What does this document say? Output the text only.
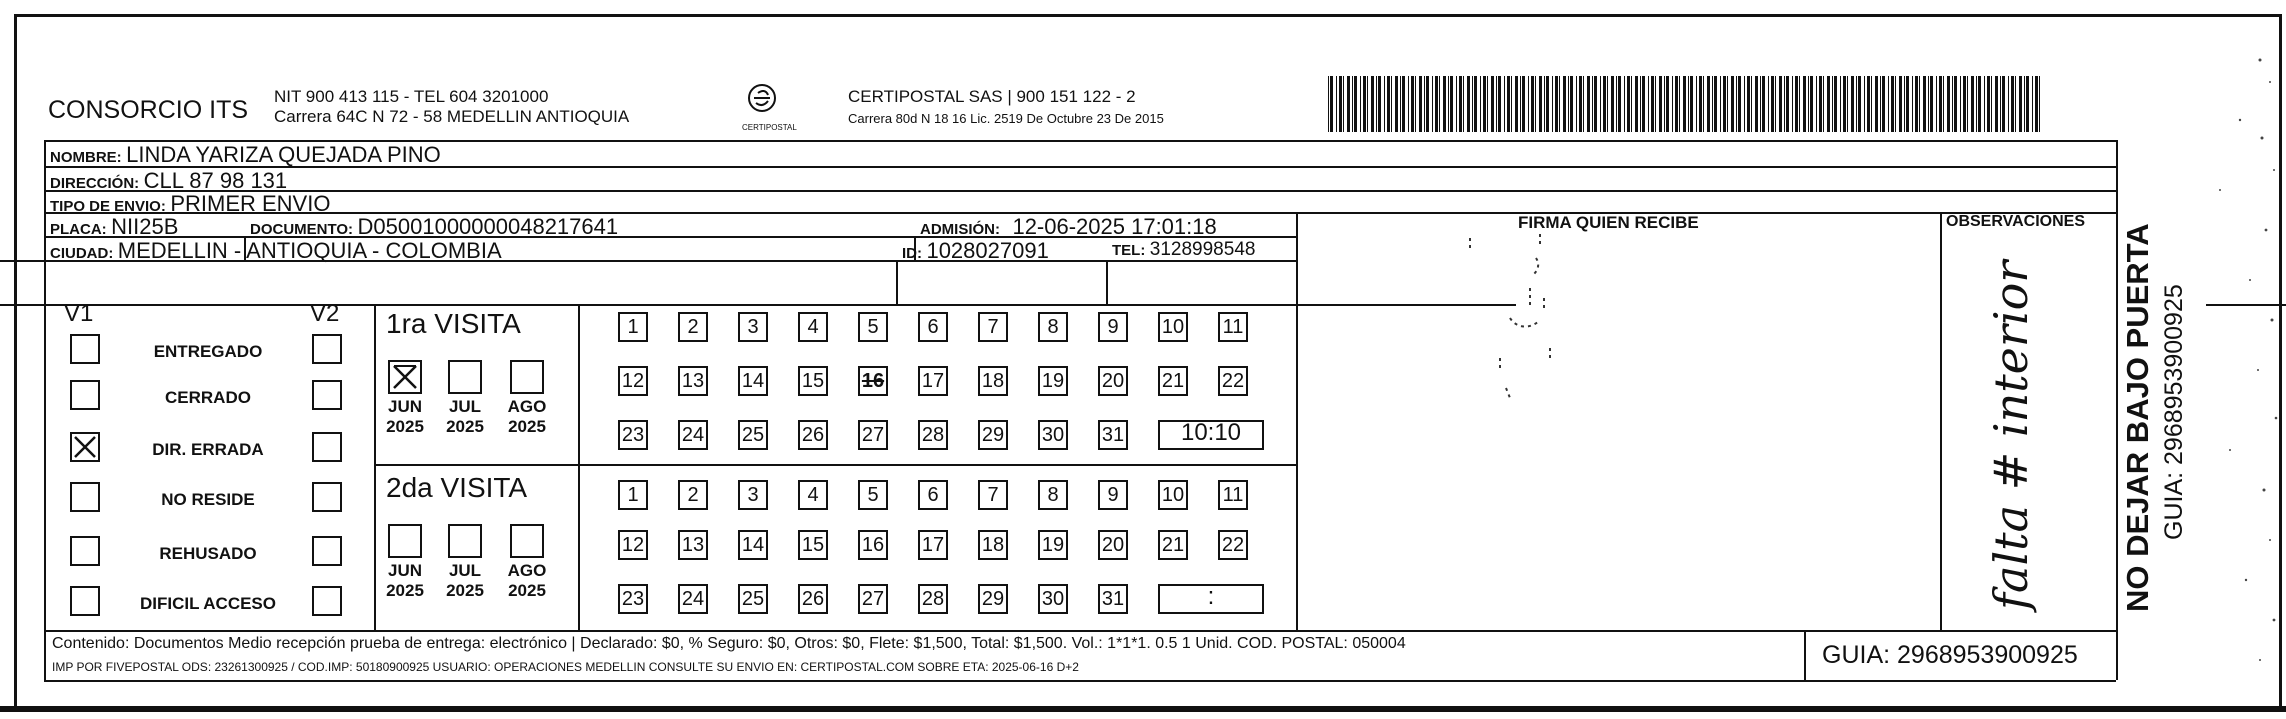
CONSORCIO ITS NIT 900 413 115 - TEL 604 3201000
Carrera 64C N 72 - 58 MEDELLIN ANTIOQUIA
CERTIPOSTAL
CERTIPOSTAL SAS | 900 151 122 - 2
Carrera 80d N 18 16 Lic. 2519 De Octubre 23 De 2015
NOMBRE: LINDA YARIZA QUEJADA PINO
DIRECCIÓN: CLL 87 98 131
TIPO DE ENVIO: PRIMER ENVIO
PLACA: NII25B	DOCUMENTO: D05001000000048217641	ADMISIÓN: 12-06-2025 17:01:18
CIUDAD: MEDELLIN - ANTIOQUIA - COLOMBIA	ID: 1028027091	TEL: 3128998548
FIRMA QUIEN RECIBE	OBSERVACIONES
falta # interior
V1	V2
ENTREGADO
CERRADO
DIR. ERRADA
NO RESIDE
REHUSADO
DIFICIL ACCESO
1ra VISITA
2da VISITA
JUN
2025
JUL
2025
AGO
2025
JUN
2025
JUL
2025
AGO
2025
1	2	3	4	5	6	7	8	9	10 11
12 13 14 15 16 17 18 19 20 21 22
23 24 25 26 27 28 29 30 31	10:10
1	2	3	4	5	6	7	8	9	10 11
12 13 14 15 16 17 18 19 20 21 22
23 24 25 26 27 28 29 30 31	:
Contenido: Documentos Medio recepción prueba de entrega: electrónico | Declarado: $0, % Seguro: $0, Otros: $0, Flete: $1,500, Total: $1,500. Vol.: 1*1*1. 0.5 1 Unid. COD. POSTAL: 050004
IMP POR FIVEPOSTAL ODS: 23261300925 / COD.IMP: 50180900925 USUARIO: OPERACIONES MEDELLIN CONSULTE SU ENVIO EN: CERTIPOSTAL.COM SOBRE ETA: 2025-06-16 D+2	GUIA: 2968953900925
NO DEJAR BAJO PUERTA GUIA: 2968953900925
